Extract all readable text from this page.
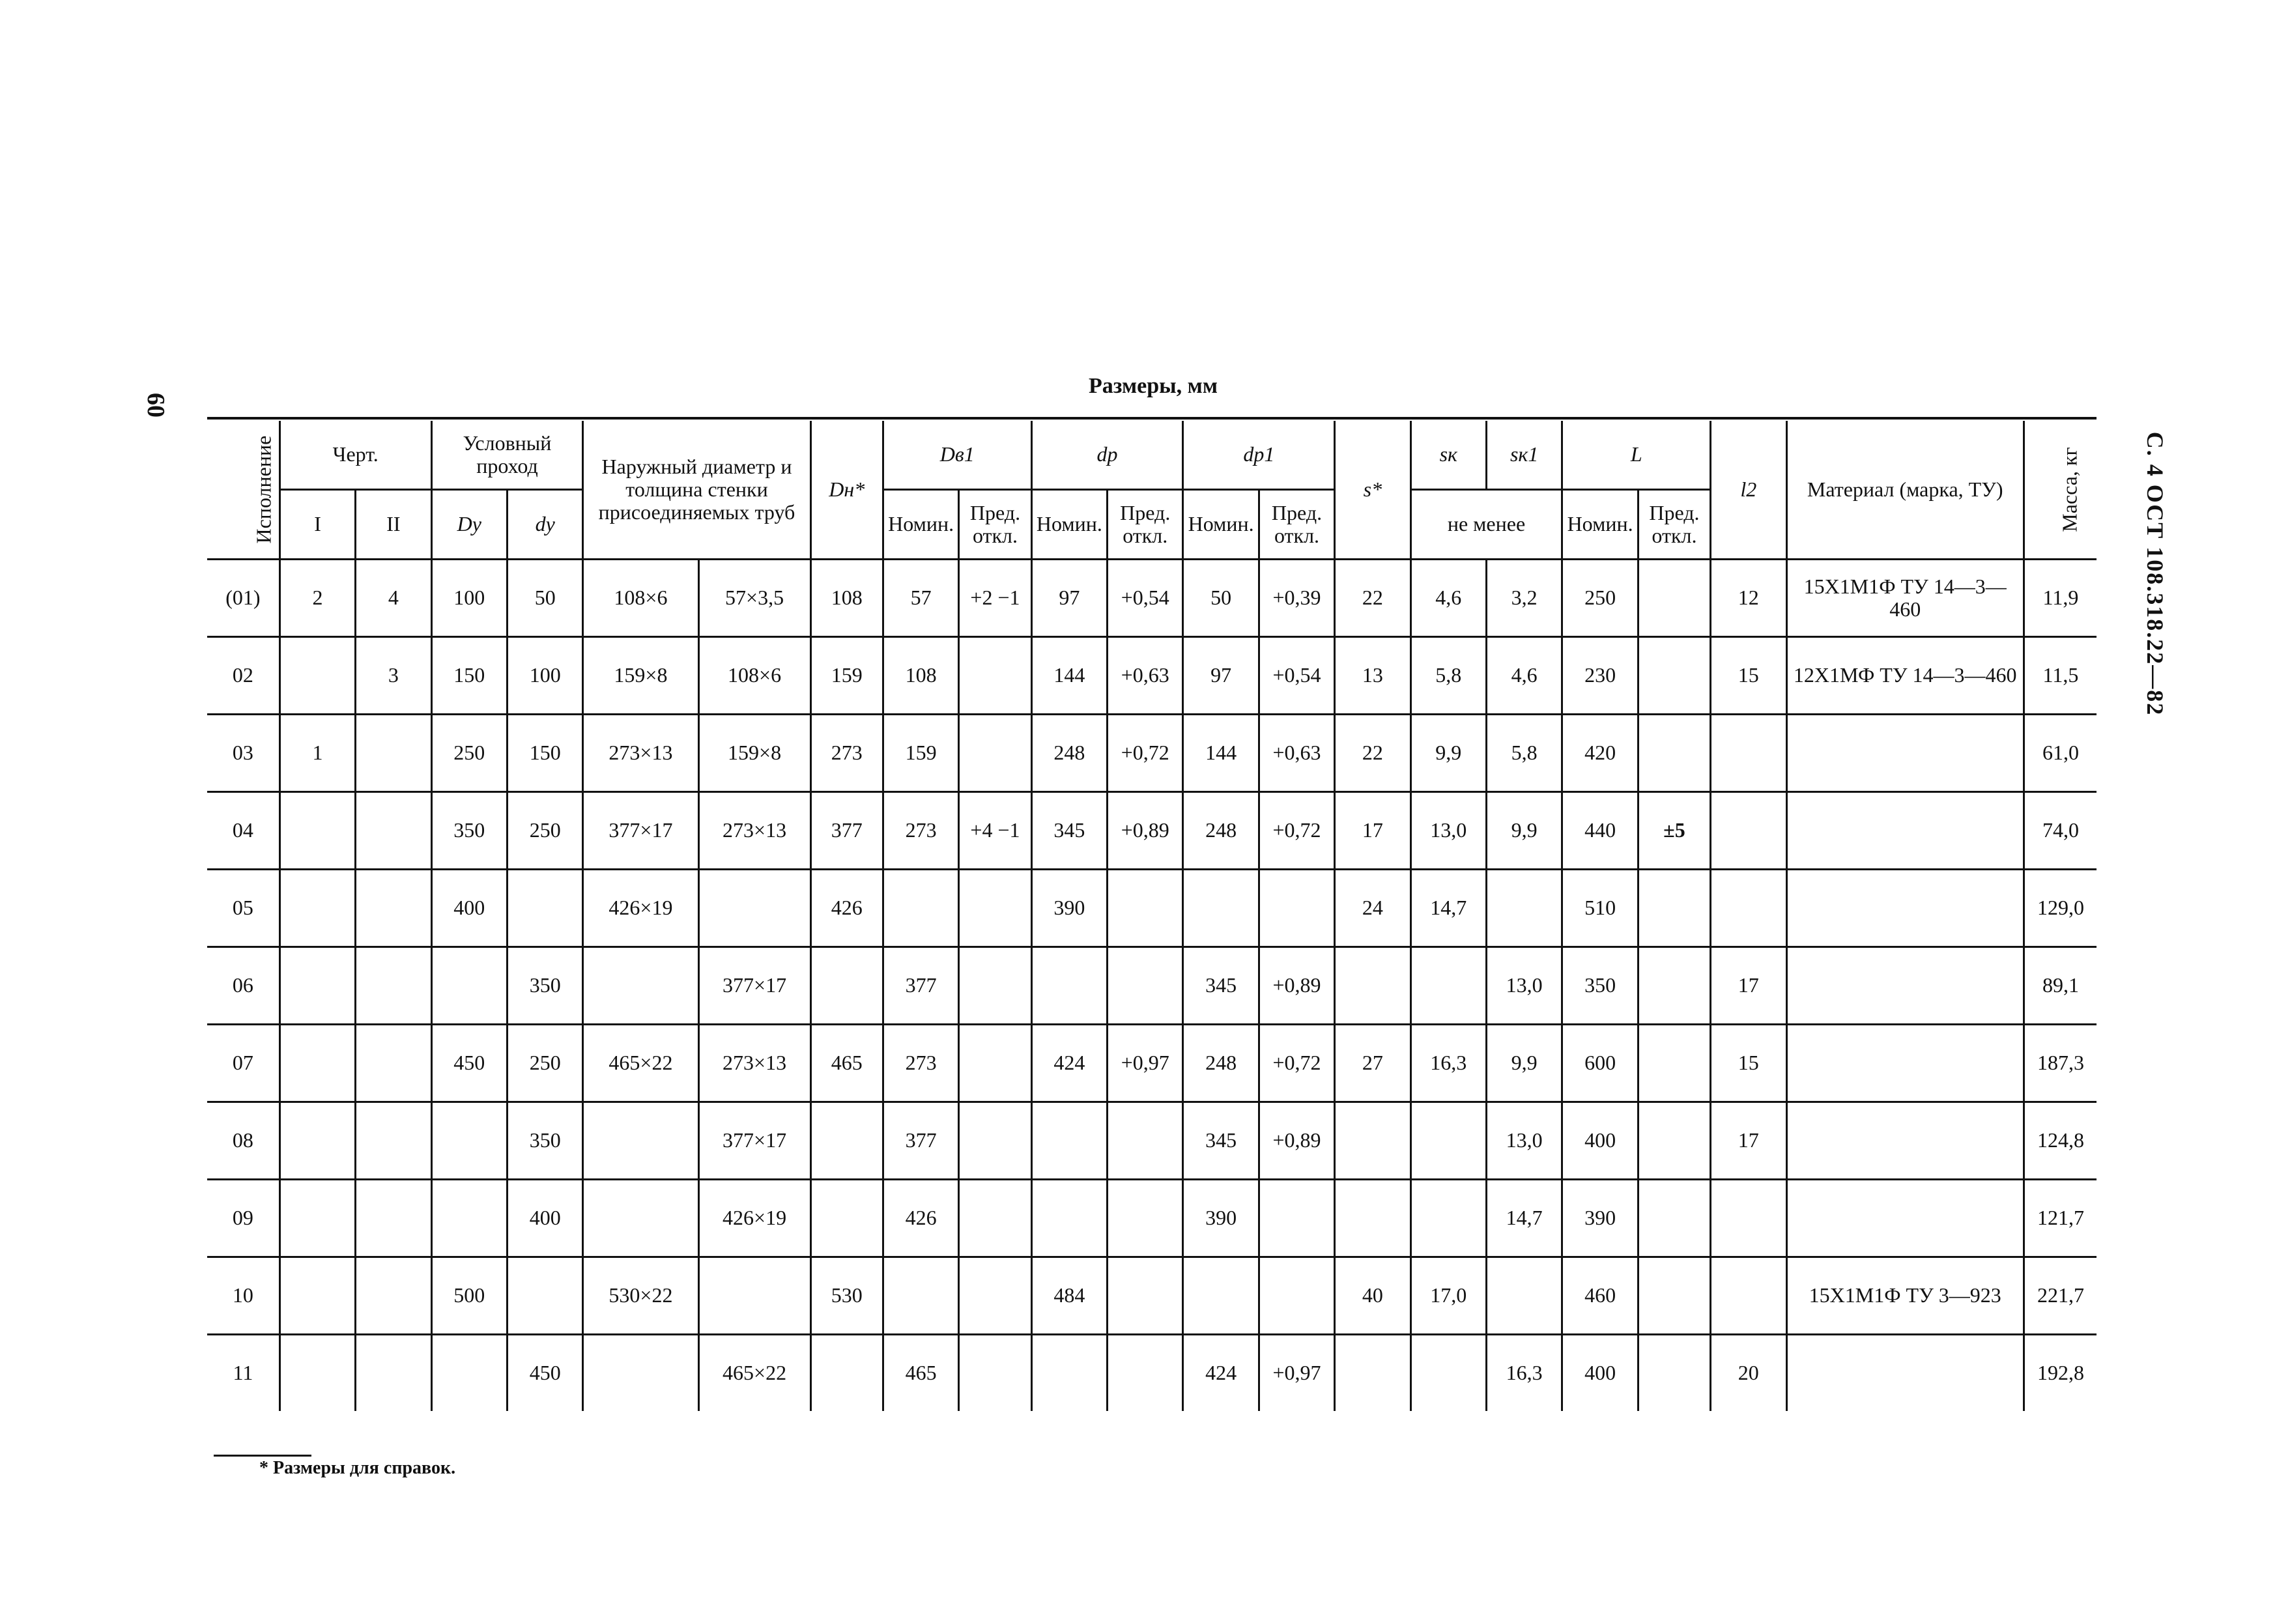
60
С. 4 ОСТ 108.318.22—82
Размеры, мм
Исполнение	Черт.		Условный проход		Наружный диаметр и толщина стенки присоединяемых труб		Dн*	Dв1		dр		dр1		s*	sк	sк1	L		l2	Материал (марка, ТУ)	Масса, кг
	I	II	Dу	dу				Номин.	Пред. откл.	Номин.	Пред. откл.	Номин.	Пред. откл.		не менее		Номин.	Пред. откл.			
(01)	2	4	100	50	108×6	57×3,5	108	57	+2 −1	97	+0,54	50	+0,39	22	4,6	3,2	250		12	15Х1М1Ф ТУ 14—3—460	11,9
02		3	150	100	159×8	108×6	159	108		144	+0,63	97	+0,54	13	5,8	4,6	230		15	12Х1МФ ТУ 14—3—460	11,5
03	1		250	150	273×13	159×8	273	159		248	+0,72	144	+0,63	22	9,9	5,8	420				61,0
04			350	250	377×17	273×13	377	273	+4 −1	345	+0,89	248	+0,72	17	13,0	9,9	440	±5			74,0
05			400		426×19		426			390				24	14,7		510				129,0
06				350		377×17		377				345	+0,89			13,0	350		17		89,1
07			450	250	465×22	273×13	465	273		424	+0,97	248	+0,72	27	16,3	9,9	600		15		187,3
08				350		377×17		377				345	+0,89			13,0	400		17		124,8
09				400		426×19		426				390				14,7	390				121,7
10			500		530×22		530			484				40	17,0		460			15Х1М1Ф ТУ 3—923	221,7
11				450		465×22		465				424	+0,97			16,3	400		20		192,8
* Размеры для справок.
